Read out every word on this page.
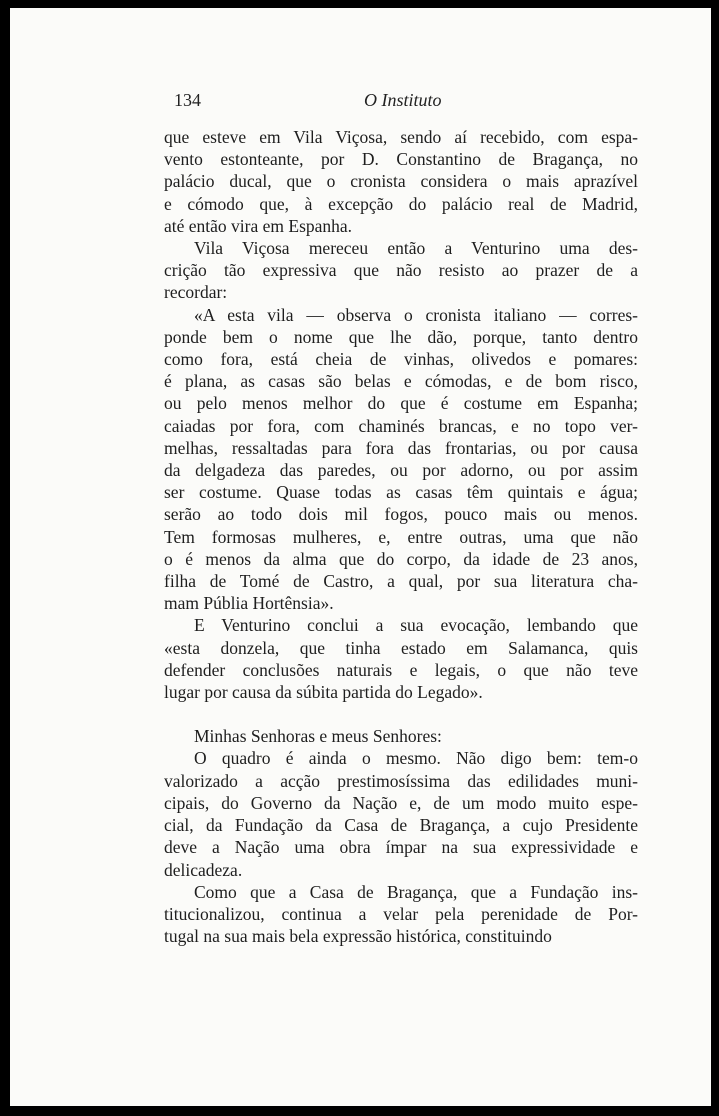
134	O Instituto

que esteve em Vila Viçosa, sendo aí recebido, com espa-
vento estonteante, por D. Constantino de Bragança, no
palácio ducal, que o cronista considera o mais aprazível
e cómodo que, à excepção do palácio real de Madrid,
até então vira em Espanha.

Vila Viçosa mereceu então a Venturino uma des-
crição tão expressiva que não resisto ao prazer de a
recordar:

«A esta vila — observa o cronista italiano — corres-
ponde bem o nome que lhe dão, porque, tanto dentro
como fora, está cheia de vinhas, olivedos e pomares:
é plana, as casas são belas e cómodas, e de bom risco,
ou pelo menos melhor do que é costume em Espanha;
caiadas por fora, com chaminés brancas, e no topo ver-
melhas, ressaltadas para fora das frontarias, ou por causa
da delgadeza das paredes, ou por adorno, ou por assim
ser costume. Quase todas as casas têm quintais e água;
serão ao todo dois mil fogos, pouco mais ou menos.
Tem formosas mulheres, e, entre outras, uma que não
o é menos da alma que do corpo, da idade de 23 anos,
filha de Tomé de Castro, a qual, por sua literatura cha-
mam Públia Hortênsia».

E Venturino conclui a sua evocação, lembando que
«esta donzela, que tinha estado em Salamanca, quis
defender conclusões naturais e legais, o que não teve
lugar por causa da súbita partida do Legado».

Minhas Senhoras e meus Senhores:

O quadro é ainda o mesmo. Não digo bem: tem-o
valorizado a acção prestimosíssima das edilidades muni-
cipais, do Governo da Nação e, de um modo muito espe-
cial, da Fundação da Casa de Bragança, a cujo Presidente
deve a Nação uma obra ímpar na sua expressividade e
delicadeza.

Como que a Casa de Bragança, que a Fundação ins-
titucionalizou, continua a velar pela perenidade de Por-
tugal na sua mais bela expressão histórica, constituindo
